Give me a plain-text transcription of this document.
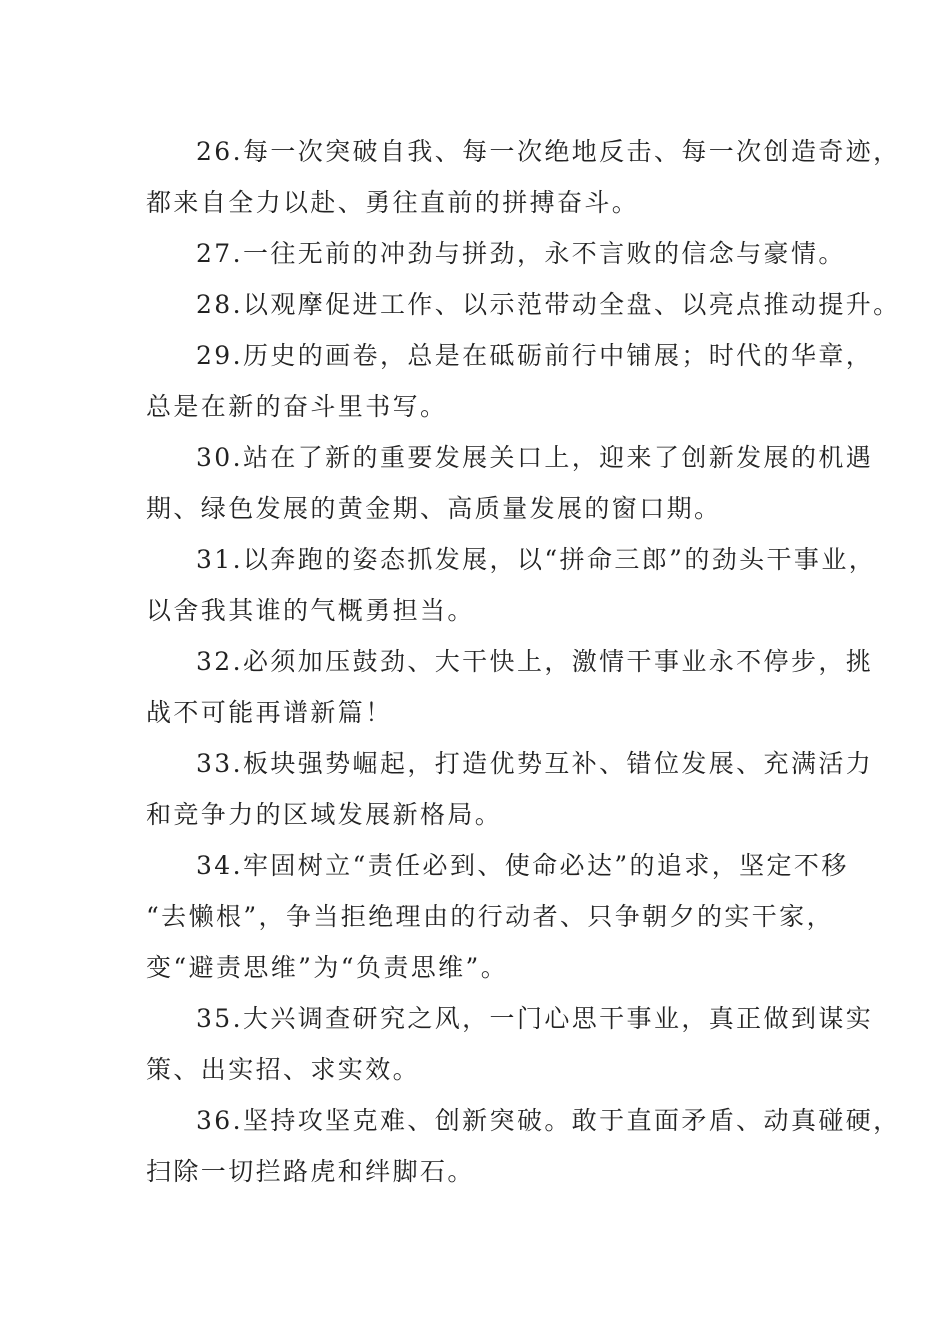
26.每一次突破自我、每一次绝地反击、每一次创造奇迹，
都来自全力以赴、勇往直前的拼搏奋斗。
27.一往无前的冲劲与拼劲，永不言败的信念与豪情。
28.以观摩促进工作、以示范带动全盘、以亮点推动提升。
29.历史的画卷，总是在砥砺前行中铺展；时代的华章，
总是在新的奋斗里书写。
30.站在了新的重要发展关口上，迎来了创新发展的机遇
期、绿色发展的黄金期、高质量发展的窗口期。
31.以奔跑的姿态抓发展，以“拼命三郎”的劲头干事业，
以舍我其谁的气概勇担当。
32.必须加压鼓劲、大干快上，激情干事业永不停步，挑
战不可能再谱新篇！
33.板块强势崛起，打造优势互补、错位发展、充满活力
和竞争力的区域发展新格局。
34.牢固树立“责任必到、使命必达”的追求，坚定不移
“去懒根”，争当拒绝理由的行动者、只争朝夕的实干家，
变“避责思维”为“负责思维”。
35.大兴调查研究之风，一门心思干事业，真正做到谋实
策、出实招、求实效。
36.坚持攻坚克难、创新突破。敢于直面矛盾、动真碰硬，
扫除一切拦路虎和绊脚石。
